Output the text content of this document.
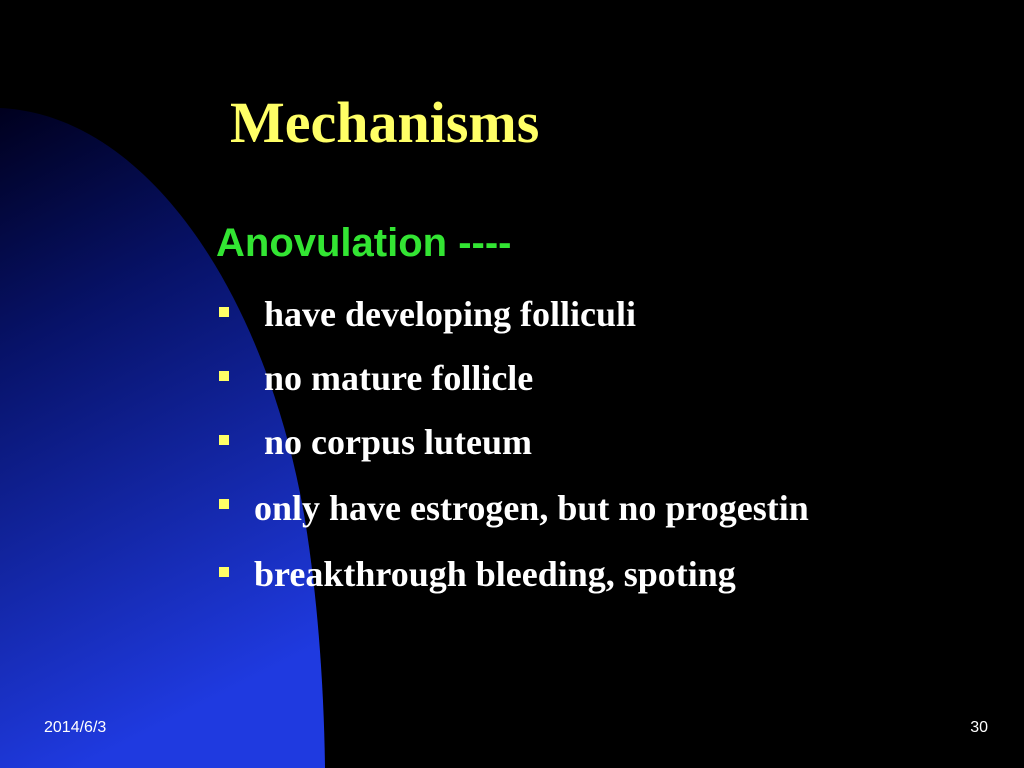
Mechanisms
Anovulation ----
have developing folliculi
no mature follicle
no corpus luteum
only have estrogen, but no progestin
breakthrough bleeding, spoting
2014/6/3	30
